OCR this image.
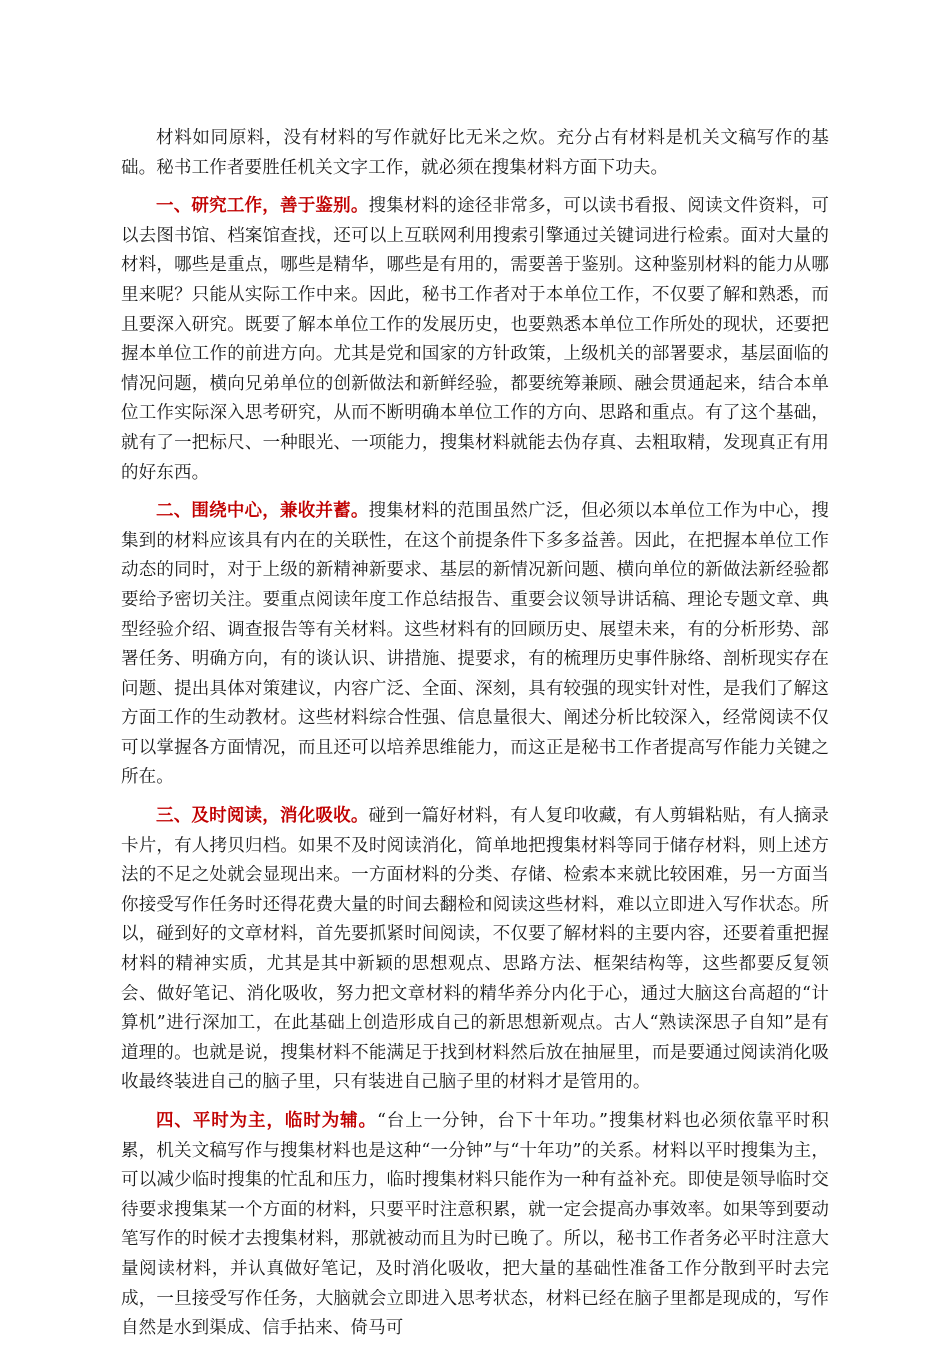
材料如同原料，没有材料的写作就好比无米之炊。充分占有材料是机关文稿写作的基础。秘书工作者要胜任机关文字工作，就必须在搜集材料方面下功夫。

一、研究工作，善于鉴别。搜集材料的途径非常多，可以读书看报、阅读文件资料，可以去图书馆、档案馆查找，还可以上互联网利用搜索引擎通过关键词进行检索。面对大量的材料，哪些是重点，哪些是精华，哪些是有用的，需要善于鉴别。这种鉴别材料的能力从哪里来呢？只能从实际工作中来。因此，秘书工作者对于本单位工作，不仅要了解和熟悉，而且要深入研究。既要了解本单位工作的发展历史，也要熟悉本单位工作所处的现状，还要把握本单位工作的前进方向。尤其是党和国家的方针政策，上级机关的部署要求，基层面临的情况问题，横向兄弟单位的创新做法和新鲜经验，都要统筹兼顾、融会贯通起来，结合本单位工作实际深入思考研究，从而不断明确本单位工作的方向、思路和重点。有了这个基础，就有了一把标尺、一种眼光、一项能力，搜集材料就能去伪存真、去粗取精，发现真正有用的好东西。

二、围绕中心，兼收并蓄。搜集材料的范围虽然广泛，但必须以本单位工作为中心，搜集到的材料应该具有内在的关联性，在这个前提条件下多多益善。因此，在把握本单位工作动态的同时，对于上级的新精神新要求、基层的新情况新问题、横向单位的新做法新经验都要给予密切关注。要重点阅读年度工作总结报告、重要会议领导讲话稿、理论专题文章、典型经验介绍、调查报告等有关材料。这些材料有的回顾历史、展望未来，有的分析形势、部署任务、明确方向，有的谈认识、讲措施、提要求，有的梳理历史事件脉络、剖析现实存在问题、提出具体对策建议，内容广泛、全面、深刻，具有较强的现实针对性，是我们了解这方面工作的生动教材。这些材料综合性强、信息量很大、阐述分析比较深入，经常阅读不仅可以掌握各方面情况，而且还可以培养思维能力，而这正是秘书工作者提高写作能力关键之所在。

三、及时阅读，消化吸收。碰到一篇好材料，有人复印收藏，有人剪辑粘贴，有人摘录卡片，有人拷贝归档。如果不及时阅读消化，简单地把搜集材料等同于储存材料，则上述方法的不足之处就会显现出来。一方面材料的分类、存储、检索本来就比较困难，另一方面当你接受写作任务时还得花费大量的时间去翻检和阅读这些材料，难以立即进入写作状态。所以，碰到好的文章材料，首先要抓紧时间阅读，不仅要了解材料的主要内容，还要着重把握材料的精神实质，尤其是其中新颖的思想观点、思路方法、框架结构等，这些都要反复领会、做好笔记、消化吸收，努力把文章材料的精华养分内化于心，通过大脑这台高超的“计算机”进行深加工，在此基础上创造形成自己的新思想新观点。古人“熟读深思子自知”是有道理的。也就是说，搜集材料不能满足于找到材料然后放在抽屉里，而是要通过阅读消化吸收最终装进自己的脑子里，只有装进自己脑子里的材料才是管用的。

四、平时为主，临时为辅。“台上一分钟，台下十年功。”搜集材料也必须依靠平时积累，机关文稿写作与搜集材料也是这种“一分钟”与“十年功”的关系。材料以平时搜集为主，可以减少临时搜集的忙乱和压力，临时搜集材料只能作为一种有益补充。即使是领导临时交待要求搜集某一个方面的材料，只要平时注意积累，就一定会提高办事效率。如果等到要动笔写作的时候才去搜集材料，那就被动而且为时已晚了。所以，秘书工作者务必平时注意大量阅读材料，并认真做好笔记，及时消化吸收，把大量的基础性准备工作分散到平时去完成，一旦接受写作任务，大脑就会立即进入思考状态，材料已经在脑子里都是现成的，写作自然是水到渠成、信手拈来、倚马可
